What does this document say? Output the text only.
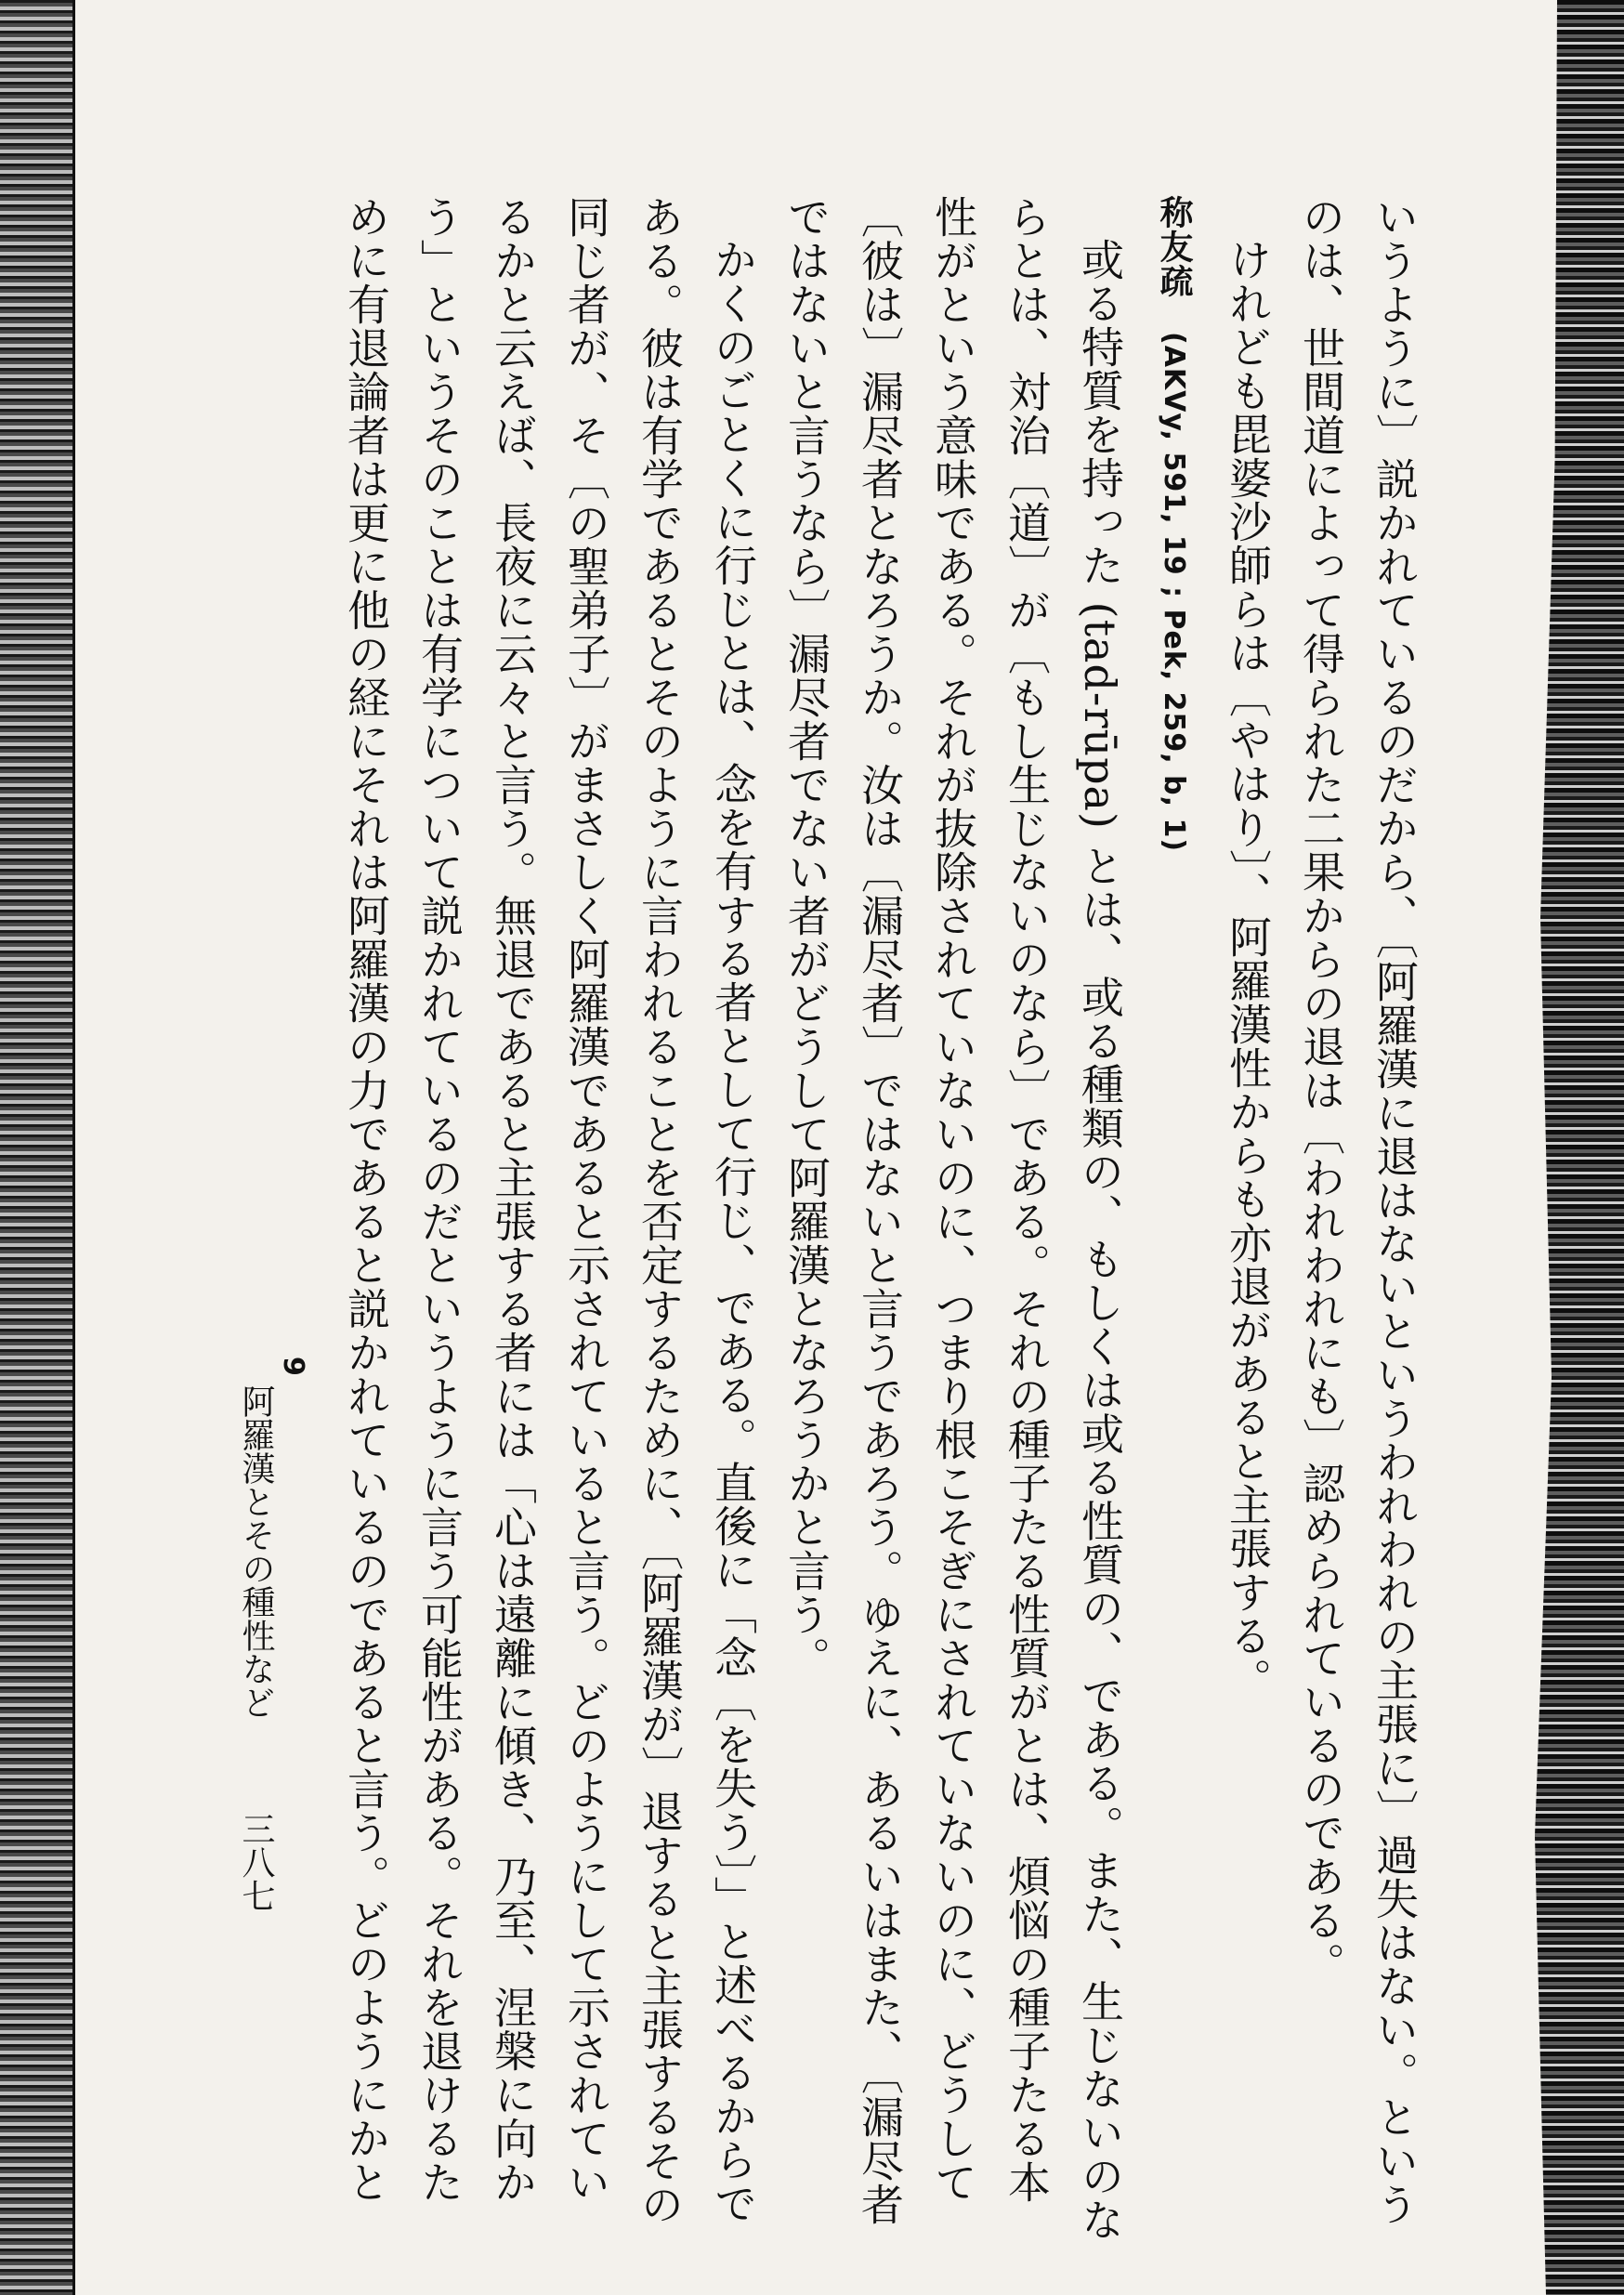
いうように〕説かれているのだから、〔阿羅漢に退はないというわれわれの主張に〕過失はない。という
のは、世間道によって得られた二果からの退は〔われわれにも〕認められているのである。
けれども毘婆沙師らは〔やはり〕、阿羅漢性からも亦退があると主張する。
称友疏 (AKVy, 591, 19 ; Pek, 259, b, 1)
或る特質を持った (tad-rūpa) とは、或る種類の、もしくは或る性質の、である。また、生じないのな
らとは、対治〔道〕が〔もし生じないのなら〕である。それの種子たる性質がとは、煩悩の種子たる本
性がという意味である。それが抜除されていないのに、つまり根こそぎにされていないのに、どうして
〔彼は〕漏尽者となろうか。汝は〔漏尽者〕ではないと言うであろう。ゆえに、あるいはまた、〔漏尽者
ではないと言うなら〕漏尽者でない者がどうして阿羅漢となろうかと言う。
かくのごとくに行じとは、念を有する者として行じ、である。直後に「念〔を失う〕」と述べるからで
ある。彼は有学であるとそのように言われることを否定するために、〔阿羅漢が〕退すると主張するその
同じ者が、そ〔の聖弟子〕がまさしく阿羅漢であると示されていると言う。どのようにして示されてい
るかと云えば、長夜に云々と言う。無退であると主張する者には「心は遠離に傾き、乃至、涅槃に向か
う」というそのことは有学について説かれているのだというように言う可能性がある。それを退けるた
めに有退論者は更に他の経にそれは阿羅漢の力であると説かれているのであると言う。どのようにかと
9
阿羅漢とその種性など
三八七
